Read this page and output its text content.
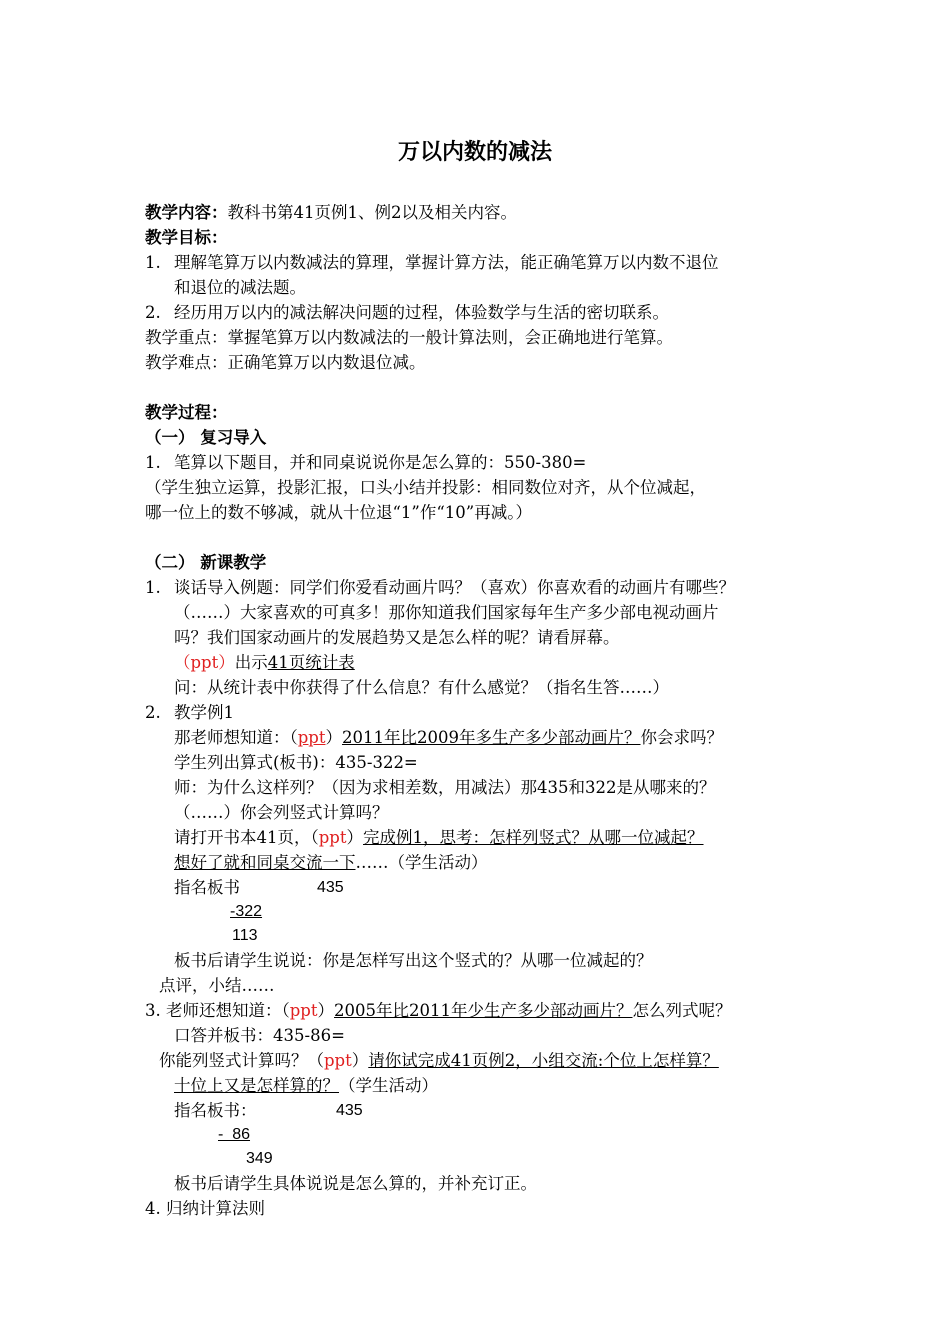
万以内数的减法
教学内容：教科书第41页例1、例2以及相关内容。
教学目标：
1. 理解笔算万以内数减法的算理，掌握计算方法，能正确笔算万以内数不退位
和退位的减法题。
2. 经历用万以内的减法解决问题的过程，体验数学与生活的密切联系。
教学重点：掌握笔算万以内数减法的一般计算法则，会正确地进行笔算。
教学难点：正确笔算万以内数退位减。
教学过程：
（一） 复习导入
1. 笔算以下题目，并和同桌说说你是怎么算的：550-380=
（学生独立运算，投影汇报，口头小结并投影：相同数位对齐，从个位减起，
哪一位上的数不够减，就从十位退“1”作“10”再减。）
（二） 新课教学
1. 谈话导入例题：同学们你爱看动画片吗？（喜欢）你喜欢看的动画片有哪些？
（……）大家喜欢的可真多！那你知道我们国家每年生产多少部电视动画片
吗？我们国家动画片的发展趋势又是怎么样的呢？请看屏幕。
（ppt）出示41页统计表
问：从统计表中你获得了什么信息？有什么感觉？（指名生答……）
2. 教学例1
那老师想知道：（ppt）2011年比2009年多生产多少部动画片？你会求吗？
学生列出算式(板书)：435-322=
师：为什么这样列？（因为求相差数，用减法）那435和322是从哪来的？
（……）你会列竖式计算吗？
请打开书本41页，（ppt）完成例1，思考：怎样列竖式？从哪一位减起？
想好了就和同桌交流一下……（学生活动）
指名板书	435
-322
113
板书后请学生说说：你是怎样写出这个竖式的？从哪一位减起的？
点评，小结……
3. 老师还想知道：（ppt）2005年比2011年少生产多少部动画片？怎么列式呢？
口答并板书：435-86=
你能列竖式计算吗？（ppt）请你试完成41页例2，小组交流:个位上怎样算？
十位上又是怎样算的？（学生活动）
指名板书：	435
-  86
349
板书后请学生具体说说是怎么算的，并补充订正。
4. 归纳计算法则
